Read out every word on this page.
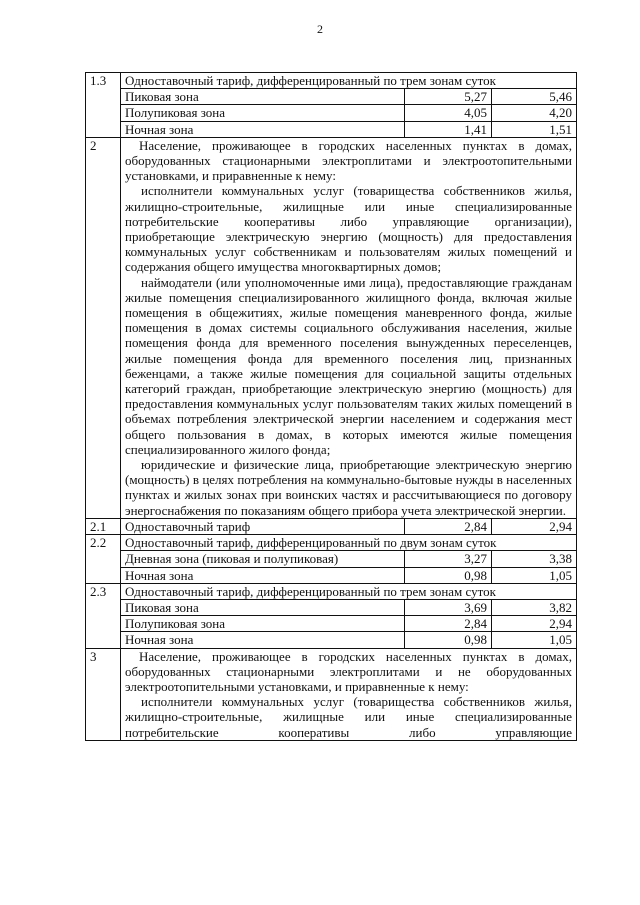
2
1.3	Одноставочный тариф, дифференцированный по трем зонам суток		
	Пиковая зона	5,27	5,46
	Полупиковая зона	4,05	4,20
	Ночная зона	1,41	1,51
2	Население, проживающее в городских населенных пунктах в домах, оборудованных стационарными электроплитами и электроотопительными установками, и приравненные к нему:

исполнители коммунальных услуг (товарищества собственников жилья, жилищно-строительные, жилищные или иные специализированные потребительские кооперативы либо управляющие организации), приобретающие электрическую энергию (мощность) для предоставления коммунальных услуг собственникам и пользователям жилых помещений и содержания общего имущества многоквартирных домов;

наймодатели (или уполномоченные ими лица), предоставляющие гражданам жилые помещения специализированного жилищного фонда, включая жилые помещения в общежитиях, жилые помещения маневренного фонда, жилые помещения в домах системы социального обслуживания населения, жилые помещения фонда для временного поселения вынужденных переселенцев, жилые помещения фонда для временного поселения лиц, признанных беженцами, а также жилые помещения для социальной защиты отдельных категорий граждан, приобретающие электрическую энергию (мощность) для предоставления коммунальных услуг пользователям таких жилых помещений в объемах потребления электрической энергии населением и содержания мест общего пользования в домах, в которых имеются жилые помещения специализированного жилого фонда;

юридические и физические лица, приобретающие электрическую энергию (мощность) в целях потребления на коммунально-бытовые нужды в населенных пунктах и жилых зонах при воинских частях и рассчитывающиеся по договору энергоснабжения по показаниям общего прибора учета электрической энергии.		

2.1	Одноставочный тариф	2,84	2,94
2.2	Одноставочный тариф, дифференцированный по двум зонам суток		
	Дневная зона (пиковая и полупиковая)	3,27	3,38
	Ночная зона	0,98	1,05
2.3	Одноставочный тариф, дифференцированный по трем зонам суток		
	Пиковая зона	3,69	3,82
	Полупиковая зона	2,84	2,94
	Ночная зона	0,98	1,05
3	Население, проживающее в городских населенных пунктах в домах, оборудованных стационарными электроплитами и не оборудованных электроотопительными установками, и приравненные к нему:

исполнители коммунальных услуг (товарищества собственников жилья, жилищно-строительные, жилищные или иные специализированные потребительские кооперативы либо управляющие		
